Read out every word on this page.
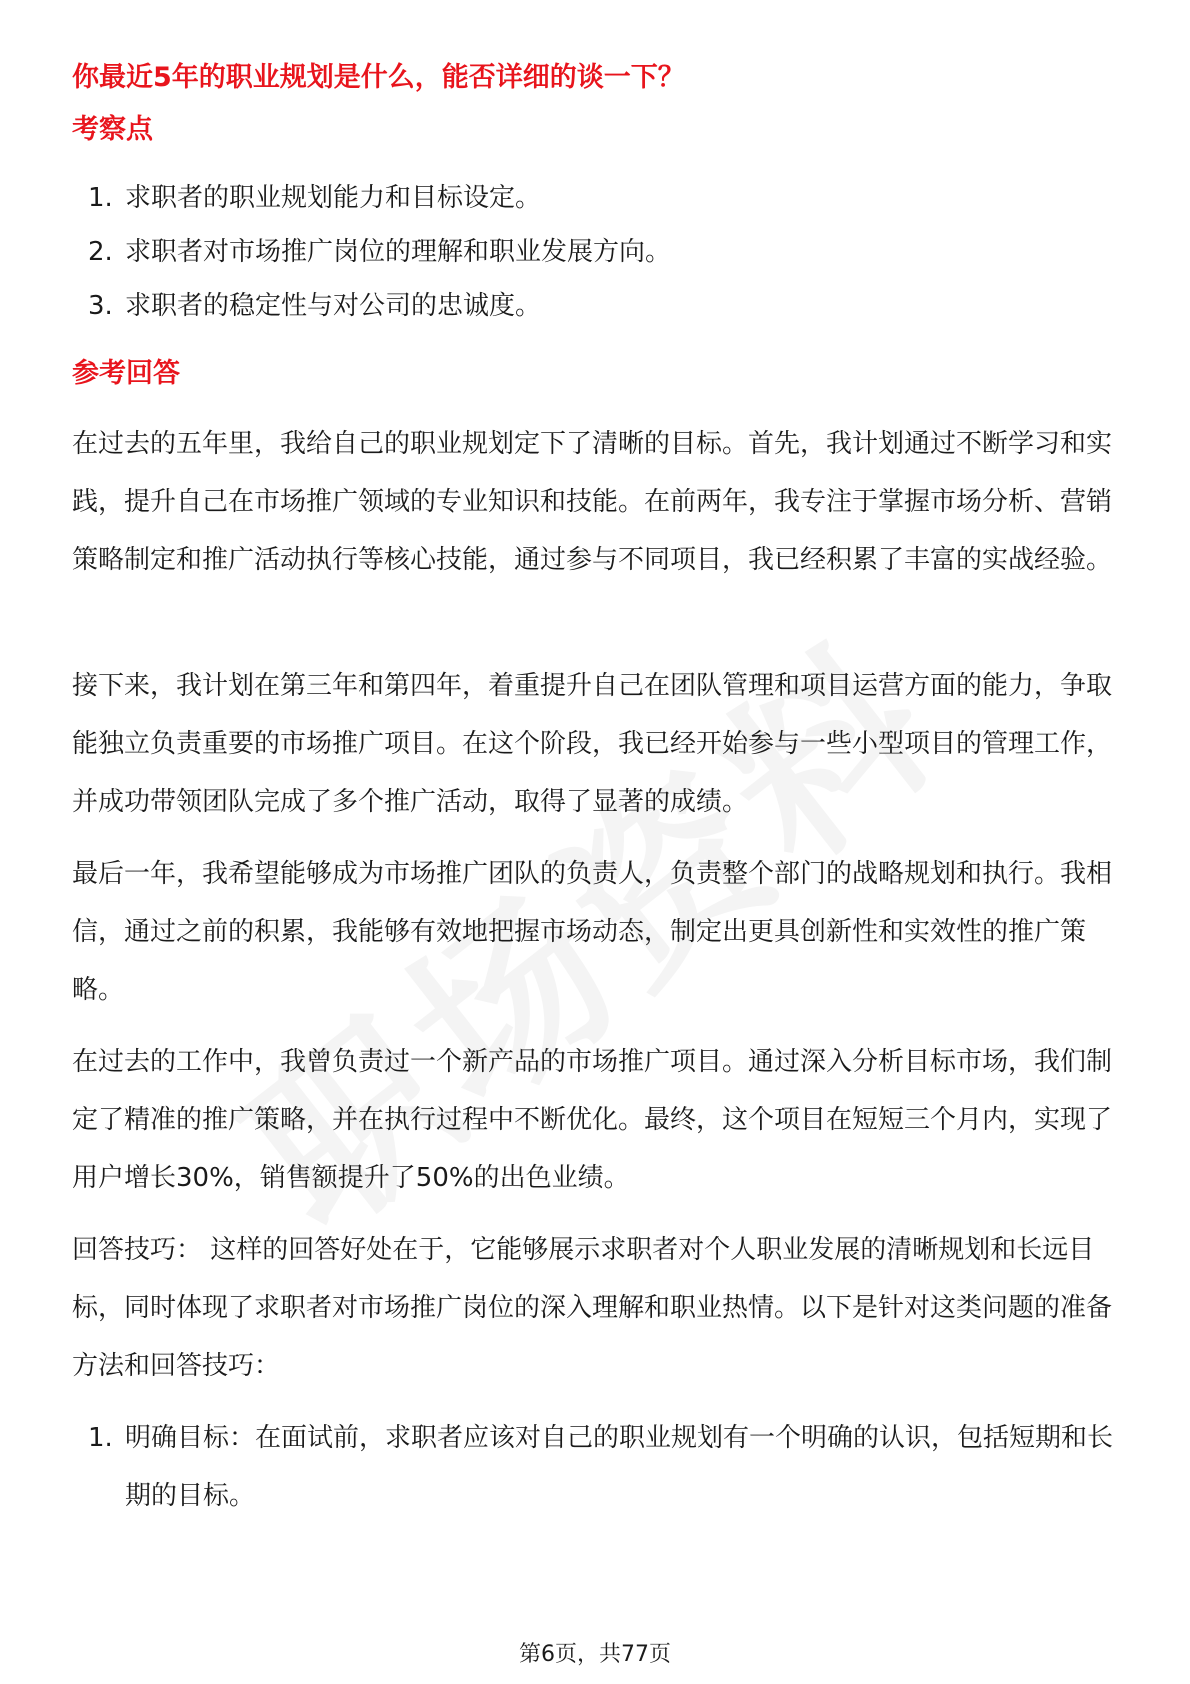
你最近5年的职业规划是什么，能否详细的谈一下？
考察点
1. 求职者的职业规划能力和目标设定。
2. 求职者对市场推广岗位的理解和职业发展方向。
3. 求职者的稳定性与对公司的忠诚度。
参考回答

在过去的五年里，我给自己的职业规划定下了清晰的目标。首先，我计划通过不断学习和实践，提升自己在市场推广领域的专业知识和技能。在前两年，我专注于掌握市场分析、营销策略制定和推广活动执行等核心技能，通过参与不同项目，我已经积累了丰富的实战经验。

接下来，我计划在第三年和第四年，着重提升自己在团队管理和项目运营方面的能力，争取能独立负责重要的市场推广项目。在这个阶段，我已经开始参与一些小型项目的管理工作，并成功带领团队完成了多个推广活动，取得了显著的成绩。

最后一年，我希望能够成为市场推广团队的负责人，负责整个部门的战略规划和执行。我相信，通过之前的积累，我能够有效地把握市场动态，制定出更具创新性和实效性的推广策略。

在过去的工作中，我曾负责过一个新产品的市场推广项目。通过深入分析目标市场，我们制定了精准的推广策略，并在执行过程中不断优化。最终，这个项目在短短三个月内，实现了用户增长30%，销售额提升了50%的出色业绩。

回答技巧： 这样的回答好处在于，它能够展示求职者对个人职业发展的清晰规划和长远目标，同时体现了求职者对市场推广岗位的深入理解和职业热情。以下是针对这类问题的准备方法和回答技巧：

1. 明确目标：在面试前，求职者应该对自己的职业规划有一个明确的认识，包括短期和长期的目标。
第6页，共77页
